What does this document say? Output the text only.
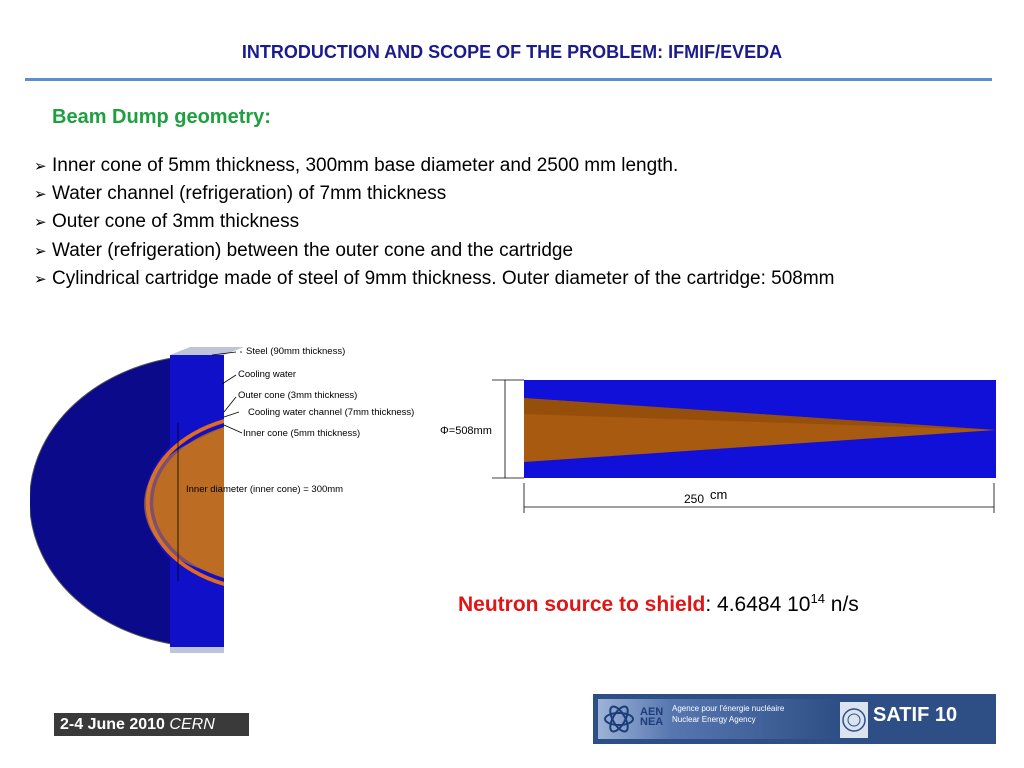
INTRODUCTION AND SCOPE OF THE PROBLEM: IFMIF/EVEDA
Beam Dump geometry:
➢ Inner cone of 5mm thickness, 300mm base diameter and 2500 mm length.
➢ Water channel (refrigeration) of 7mm thickness
➢ Outer cone of 3mm thickness
➢ Water (refrigeration) between the outer cone and the cartridge
➢ Cylindrical cartridge made of steel of 9mm thickness. Outer diameter of the cartridge: 508mm
Steel (90mm thickness)
Cooling water
Outer cone (3mm thickness)
Cooling water channel (7mm thickness)
Inner cone (5mm thickness)
Inner diameter (inner cone) = 300mm
Φ=508mm
250 cm
Neutron source to shield: 4.6484 $10^{14}$ n/s
2-4 June 2010 CERN
AEN
NEA
Agence pour l'énergie nucléaire
Nuclear Energy Agency	SATIF 10
